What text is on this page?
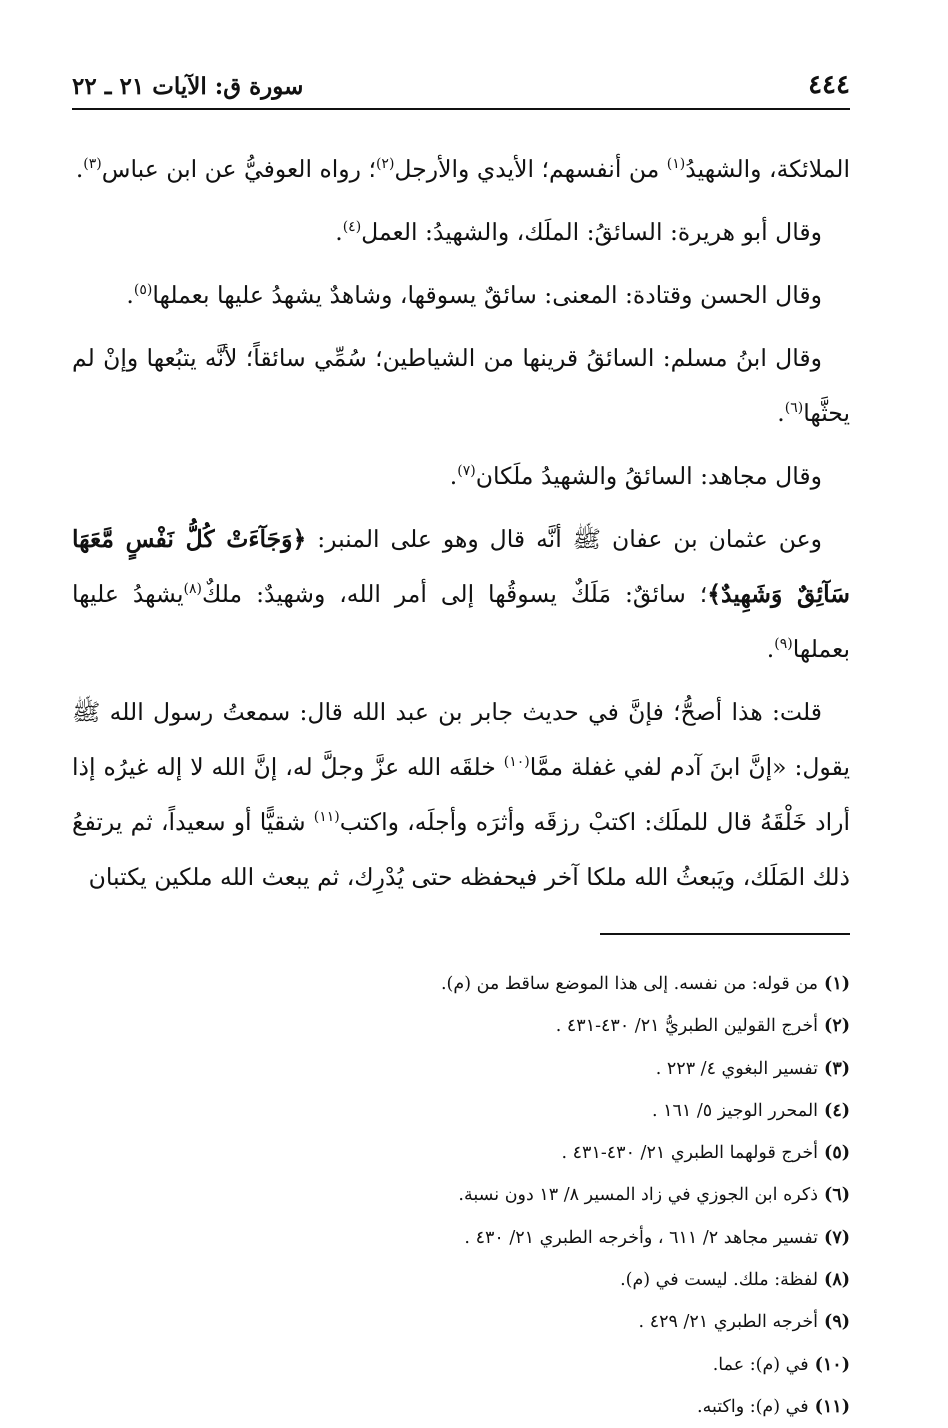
٤٤٤
سورة ق: الآيات ٢١ ـ ٢٢

الملائكة، والشهيدُ$^{(١)}$ من أنفسهم؛ الأيدي والأرجل$^{(٢)}$؛ رواه العوفيُّ عن ابن عباس$^{(٣)}$.

وقال أبو هريرة: السائقُ: الملَك، والشهيدُ: العمل$^{(٤)}$.

وقال الحسن وقتادة: المعنى: سائقٌ يسوقها، وشاهدٌ يشهدُ عليها بعملها$^{(٥)}$.

وقال ابنُ مسلم: السائقُ قرينها من الشياطين؛ سُمِّي سائقاً؛ لأنَّه يتبُعها وإنْ لم يحثَّها$^{(٦)}$.

وقال مجاهد: السائقُ والشهيدُ ملَكان$^{(٧)}$.

وعن عثمان بن عفان ﷺ أنَّه قال وهو على المنبر: ﴿وَجَآءَتْ كُلُّ نَفْسٍ مَّعَهَا سَآئِقٌ وَشَهِيدٌ﴾؛ سائقٌ: مَلَكٌ يسوقُها إلى أمر الله، وشهيدٌ: ملكٌ$^{(٨)}$يشهدُ عليها بعملها$^{(٩)}$.

قلت: هذا أصحُّ؛ فإنَّ في حديث جابر بن عبد الله قال: سمعتُ رسول الله ﷺ يقول: «إنَّ ابنَ آدم لفي غفلة ممَّا$^{(١٠)}$ خلقَه الله عزَّ وجلَّ له، إنَّ الله لا إله غيرُه إذا أراد خَلْقَهُ قال للملَك: اكتبْ رزقَه وأثرَه وأجلَه، واكتب$^{(١١)}$ شقيًّا أو سعيداً، ثم يرتفعُ ذلك المَلَك، ويَبعثُ الله ملكا آخر فيحفظه حتى يُدْرِك، ثم يبعث الله ملكين يكتبان

(١)من قوله: من نفسه. إلى هذا الموضع ساقط من (م).

(٢)أخرج القولين الطبريُّ ٢١/ ٤٣٠-٤٣١ .

(٣)تفسير البغوي ٤/ ٢٢٣ .

(٤)المحرر الوجيز ٥/ ١٦١ .

(٥)أخرج قولهما الطبري ٢١/ ٤٣٠-٤٣١ .

(٦)ذكره ابن الجوزي في زاد المسير ٨/ ١٣ دون نسبة.

(٧)تفسير مجاهد ٢/ ٦١١ ، وأخرجه الطبري ٢١/ ٤٣٠ .

(٨)لفظة: ملك. ليست في (م).

(٩)أخرجه الطبري ٢١/ ٤٢٩ .

(١٠)في (م): عما.

(١١)في (م): واكتبه.
